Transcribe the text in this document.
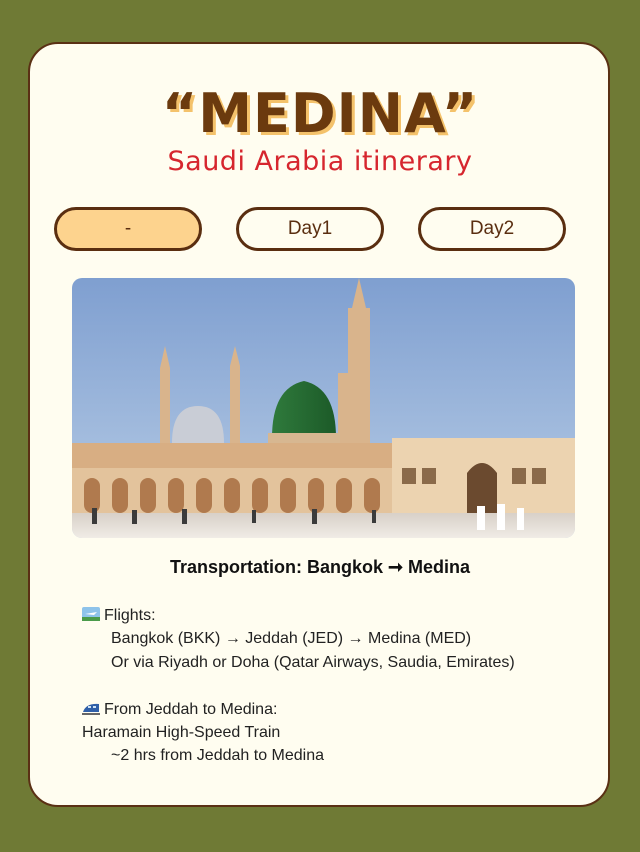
“MEDINA”
Saudi Arabia itinerary
-	Day1	Day2
Transportation: Bangkok ➞ Medina
Flights:
Bangkok (BKK) → Jeddah (JED) → Medina (MED)
Or via Riyadh or Doha (Qatar Airways, Saudia, Emirates)
From Jeddah to Medina:
Haramain High-Speed Train
~2 hrs from Jeddah to Medina
